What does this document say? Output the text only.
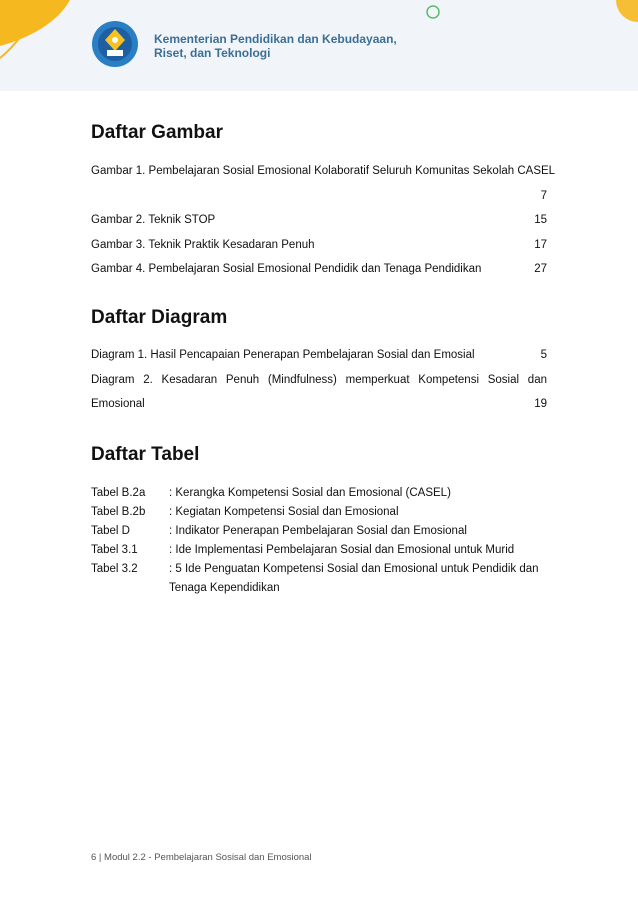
Kementerian Pendidikan dan Kebudayaan,
Riset, dan Teknologi
Daftar Gambar
Gambar 1. Pembelajaran Sosial Emosional Kolaboratif Seluruh Komunitas Sekolah CASEL
7
Gambar 2. Teknik STOP	15
Gambar 3. Teknik Praktik Kesadaran Penuh	17
Gambar 4. Pembelajaran Sosial Emosional Pendidik dan Tenaga Pendidikan	27
Daftar Diagram
Diagram 1. Hasil Pencapaian Penerapan Pembelajaran Sosial dan Emosial	5
Diagram 2. Kesadaran Penuh (Mindfulness) memperkuat Kompetensi Sosial dan
Emosional	19
Daftar Tabel
Tabel B.2a	: Kerangka Kompetensi Sosial dan Emosional (CASEL)
Tabel B.2b	: Kegiatan Kompetensi Sosial dan Emosional
Tabel D	: Indikator Penerapan Pembelajaran Sosial dan Emosional
Tabel 3.1	: Ide Implementasi Pembelajaran Sosial dan Emosional untuk Murid
Tabel 3.2	: 5 Ide Penguatan Kompetensi Sosial dan Emosional untuk Pendidik dan
Tenaga Kependidikan
6 | Modul 2.2 - Pembelajaran Sosisal dan Emosional
